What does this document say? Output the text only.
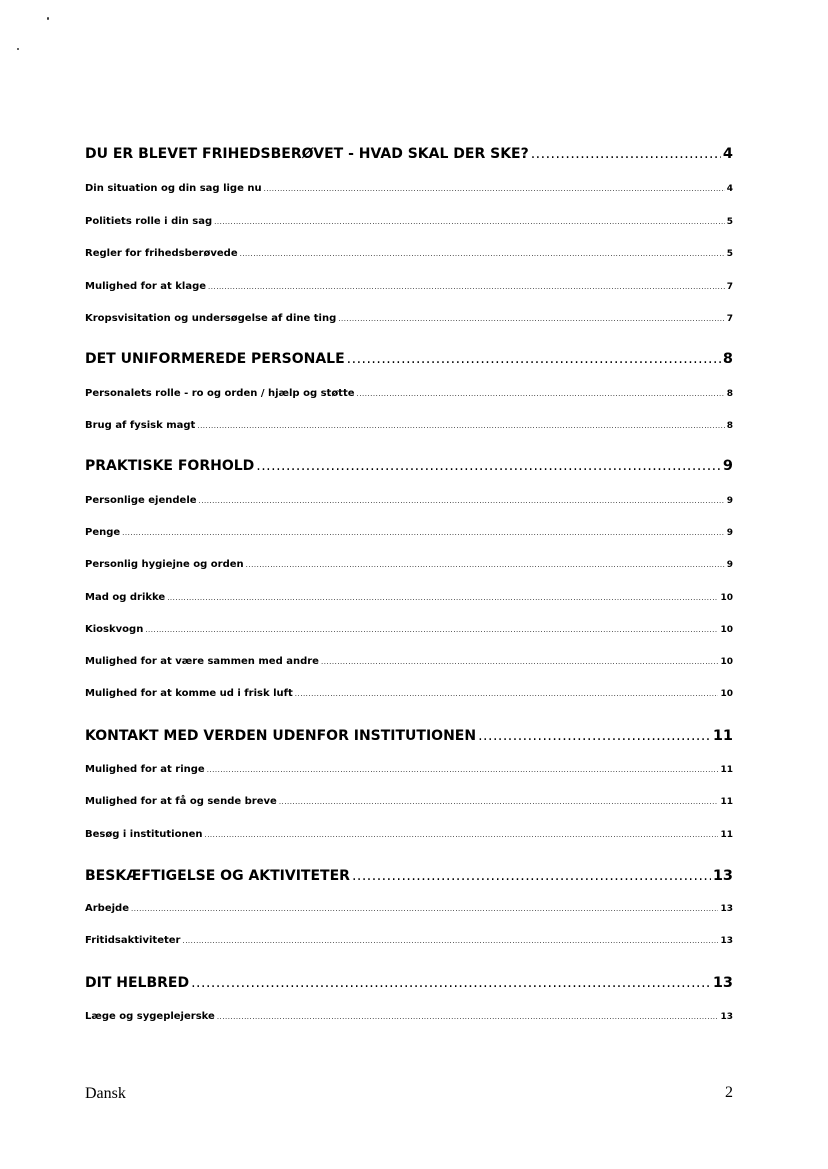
DU ER BLEVET FRIHEDSBERØVET - HVAD SKAL DER SKE? .....	4
Din situation og din sag lige nu .....	4
Politiets rolle i din sag .....	5
Regler for frihedsberøvede .....	5
Mulighed for at klage .....	7
Kropsvisitation og undersøgelse af dine ting .....	7
DET UNIFORMEREDE PERSONALE .....	8
Personalets rolle - ro og orden / hjælp og støtte .....	8
Brug af fysisk magt .....	8
PRAKTISKE FORHOLD .....	9
Personlige ejendele .....	9
Penge .....	9
Personlig hygiejne og orden .....	9
Mad og drikke .....	10
Kioskvogn .....	10
Mulighed for at være sammen med andre .....	10
Mulighed for at komme ud i frisk luft .....	10
KONTAKT MED VERDEN UDENFOR INSTITUTIONEN .....	11
Mulighed for at ringe .....	11
Mulighed for at få og sende breve .....	11
Besøg i institutionen .....	11
BESKÆFTIGELSE OG AKTIVITETER .....	13
Arbejde .....	13
Fritidsaktiviteter .....	13
DIT HELBRED .....	13
Læge og sygeplejerske .....	13
Dansk	2
